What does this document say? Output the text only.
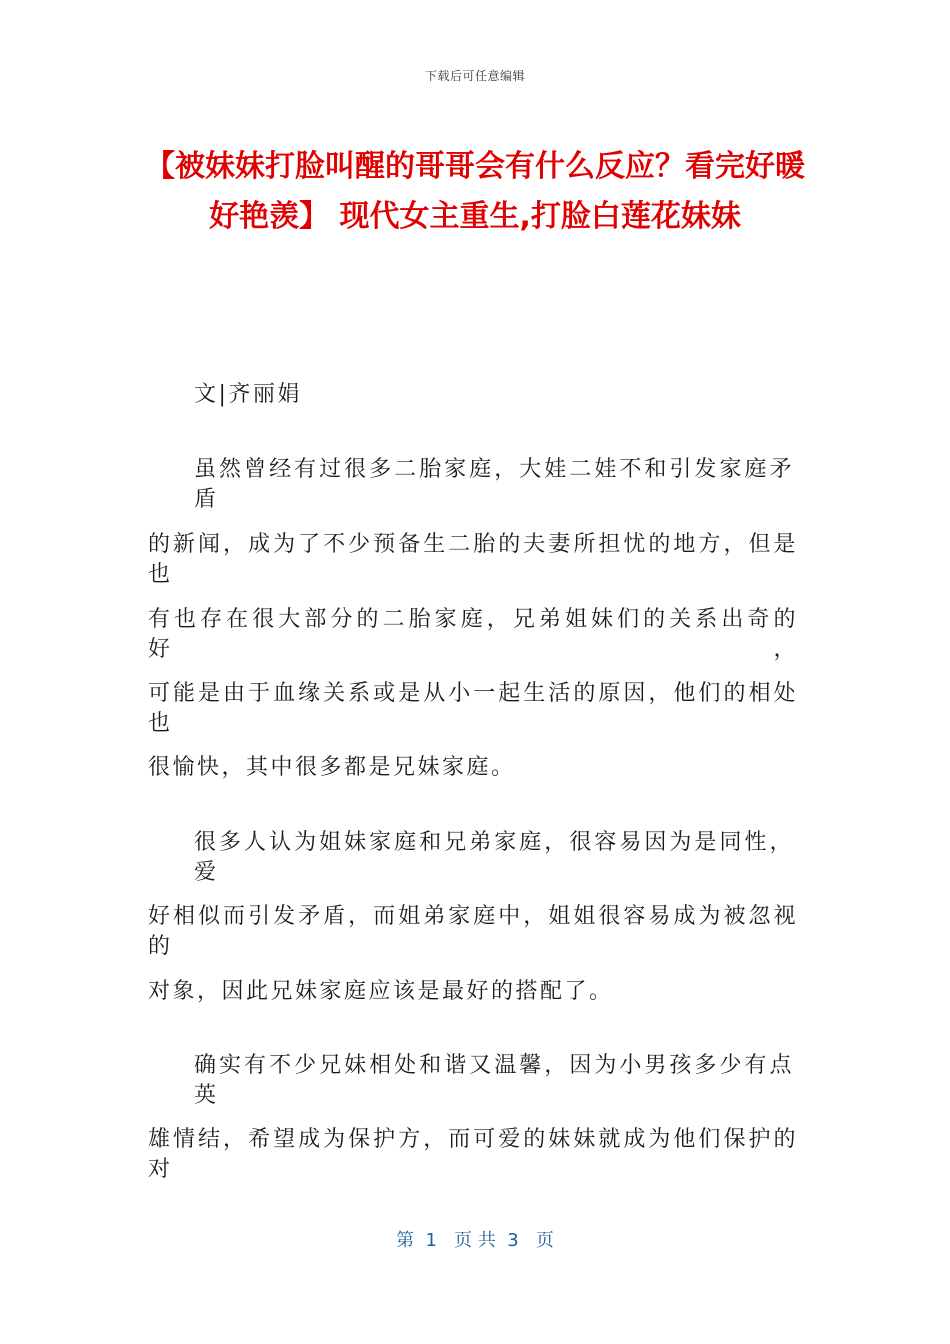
下载后可任意编辑
【被妹妹打脸叫醒的哥哥会有什么反应？看完好暖好艳羡】 现代女主重生,打脸白莲花妹妹
文|齐丽娟
虽然曾经有过很多二胎家庭，大娃二娃不和引发家庭矛盾
的新闻，成为了不少预备生二胎的夫妻所担忧的地方，但是也
有也存在很大部分的二胎家庭，兄弟姐妹们的关系出奇的好，
可能是由于血缘关系或是从小一起生活的原因，他们的相处也
很愉快，其中很多都是兄妹家庭。
很多人认为姐妹家庭和兄弟家庭，很容易因为是同性，爱
好相似而引发矛盾，而姐弟家庭中，姐姐很容易成为被忽视的
对象，因此兄妹家庭应该是最好的搭配了。
确实有不少兄妹相处和谐又温馨，因为小男孩多少有点英
雄情结，希望成为保护方，而可爱的妹妹就成为他们保护的对
第  1   页 共  3   页
